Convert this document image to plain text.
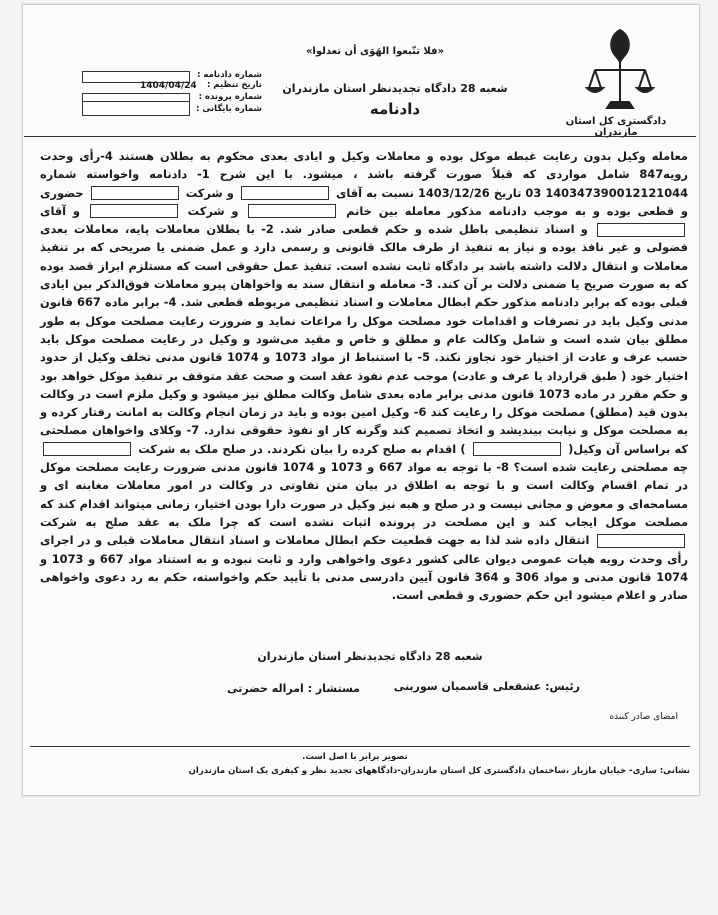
دادگستری کل استان مازندران
«فلا تتّبعوا الهَوَی أن تعدلوا»
شعبه 28 دادگاه تجدیدنظر استان مازندران
دادنامه
شماره دادنامه :
تاریخ تنظیم :
1404/04/24
شماره پرونده :
شماره بایگانی :
معامله وکیل بدون رعایت غبطه موکل بوده و معاملات وکیل و ایادی بعدی محکوم به بطلان هستند 4-رأی وحدت رویه847 شامل مواردی که قبلاً صورت گرفته باشد ، میشود. با این شرح 1- دادنامه واخواسته شماره 140347390012121044 03 تاریخ 1403/12/26 نسبت به آقای  و شرکت  حضوری و قطعی بوده و به موجب دادنامه مذکور معامله بین خانم  و شرکت  و آقای  و اسناد تنظیمی باطل شده و حکم قطعی صادر شد. 2- با بطلان معاملات پایه، معاملات بعدی فضولی و غیر نافذ بوده و نیاز به تنفیذ از طرف مالک قانونی و رسمی دارد و عمل ضمنی یا صریحی که بر تنفیذ معاملات و انتقال دلالت داشته باشد بر دادگاه ثابت نشده است. تنفیذ عمل حقوقی است که مستلزم ابراز قصد بوده که به صورت صریح یا ضمنی دلالت بر آن کند. 3- معامله و انتقال سند به واخواهان پیرو معاملات فوق‌الذکر بین ایادی قبلی بوده که برابر دادنامه مذکور حکم ابطال معاملات و اسناد تنظیمی مربوطه قطعی شد. 4- برابر ماده 667 قانون مدنی وکیل باید در تصرفات و اقدامات خود مصلحت موکل را مراعات نماید و ضرورت رعایت مصلحت موکل به طور مطلق بیان شده است و شامل وکالت عام و مطلق و خاص و مقید می‌شود و وکیل در رعایت مصلحت موکل باید حسب عرف و عادت از اختیار خود تجاوز نکند. 5- با استنباط از مواد 1073 و 1074 قانون مدنی تخلف وکیل از حدود اختیار خود ( طبق قرارداد یا عرف و عادت) موجب عدم نفوذ عقد است و صحت عقد متوقف بر تنفیذ موکل خواهد بود و حکم مقرر در ماده 1073 قانون مدنی برابر ماده بعدی شامل وکالت مطلق نیز میشود و وکیل ملزم است در وکالت بدون قید (مطلق) مصلحت موکل را رعایت کند 6- وکیل امین بوده و باید در زمان انجام وکالت به امانت رفتار کرده و به مصلحت موکل و نیابت بیندیشد و اتخاذ تصمیم کند وگرنه کار او نفوذ حقوقی ندارد. 7- وکلای واخواهان مصلحتی که براساس آن وکیل(  ) اقدام به صلح کرده را بیان نکردند. در صلح ملک به شرکت  چه مصلحتی رعایت شده است؟ 8- با توجه به مواد 667 و 1073 و 1074 قانون مدنی ضرورت رعایت مصلحت موکل در تمام اقسام وکالت است و با توجه به اطلاق در بیان متن تفاوتی در وکالت در امور معاملات مغابنه ای و مسامحه‌ای و معوض و مجانی نیست و در صلح و هبه نیز وکیل در صورت دارا بودن اختیار، زمانی میتواند اقدام کند که مصلحت موکل ایجاب کند و این مصلحت در پرونده اثبات نشده است که چرا ملک به عقد صلح به شرکت  انتقال داده شد لذا به جهت قطعیت حکم ابطال معاملات و اسناد انتقال معاملات قبلی و در اجرای رأی وحدت رویه هیات عمومی دیوان عالی کشور دعوی واخواهی وارد و ثابت نبوده و به استناد مواد 667 و 1073 و 1074 قانون مدنی و مواد 306 و 364 قانون آیین دادرسی مدنی با تأیید حکم واخواسته، حکم به رد دعوی واخواهی صادر و اعلام میشود این حکم حضوری و قطعی است.
شعبه 28 دادگاه تجدیدنظر استان مازندران
رئیس: عشقعلی قاسمیان سوربنی
مستشار : امراله حضرتی
امضای صادر کننده
تصویر برابر با اصل است.
نشانی: ساری- خیابان مازیار ،ساختمان دادگستری کل استان مازندران-دادگاههای تجدید نظر و کیفری یک استان مازندران
